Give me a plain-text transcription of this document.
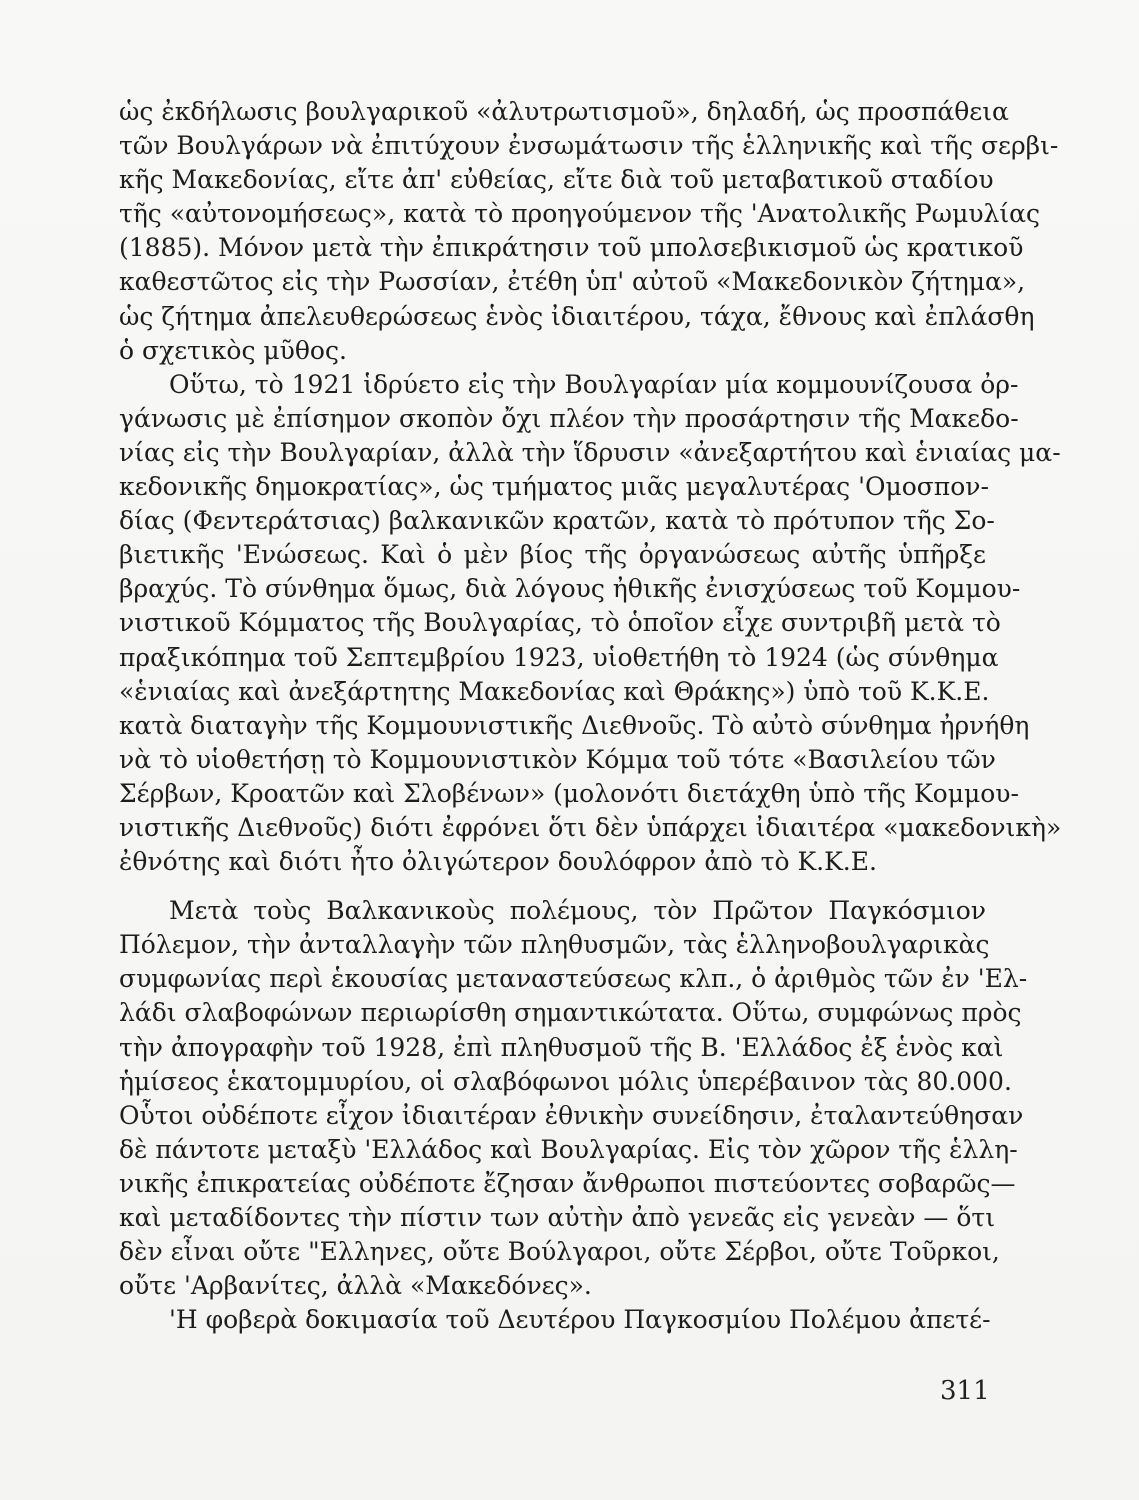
ὡς ἐκδήλωσις βουλγαρικοῦ «ἀλυτρωτισμοῦ», δηλαδή, ὡς προσπάθεια
τῶν Βουλγάρων νὰ ἐπιτύχουν ἐνσωμάτωσιν τῆς ἑλληνικῆς καὶ τῆς σερβι-
κῆς Μακεδονίας, εἴτε ἀπ' εὐθείας, εἴτε διὰ τοῦ μεταβατικοῦ σταδίου
τῆς «αὐτονομήσεως», κατὰ τὸ προηγούμενον τῆς 'Ανατολικῆς Ρωμυλίας
(1885). Μόνον μετὰ τὴν ἐπικράτησιν τοῦ μπολσεβικισμοῦ ὡς κρατικοῦ
καθεστῶτος εἰς τὴν Ρωσσίαν, ἐτέθη ὑπ' αὐτοῦ «Μακεδονικὸν ζήτημα»,
ὡς ζήτημα ἀπελευθερώσεως ἑνὸς ἰδιαιτέρου, τάχα, ἔθνους καὶ ἐπλάσθη
ὁ σχετικὸς μῦθος.
Οὕτω, τὸ 1921 ἱδρύετο εἰς τὴν Βουλγαρίαν μία κομμουνίζουσα ὀρ-
γάνωσις μὲ ἐπίσημον σκοπὸν ὄχι πλέον τὴν προσάρτησιν τῆς Μακεδο-
νίας εἰς τὴν Βουλγαρίαν, ἀλλὰ τὴν ἵδρυσιν «ἀνεξαρτήτου καὶ ἑνιαίας μα-
κεδονικῆς δημοκρατίας», ὡς τμήματος μιᾶς μεγαλυτέρας 'Ομοσπον-
δίας (Φεντεράτσιας) βαλκανικῶν κρατῶν, κατὰ τὸ πρότυπον τῆς Σο-
βιετικῆς 'Ενώσεως. Καὶ ὁ μὲν βίος τῆς ὀργανώσεως αὐτῆς ὑπῆρξε
βραχύς. Τὸ σύνθημα ὅμως, διὰ λόγους ἠθικῆς ἐνισχύσεως τοῦ Κομμου-
νιστικοῦ Κόμματος τῆς Βουλγαρίας, τὸ ὁποῖον εἶχε συντριβῆ μετὰ τὸ
πραξικόπημα τοῦ Σεπτεμβρίου 1923, υἱοθετήθη τὸ 1924 (ὡς σύνθημα
«ἑνιαίας καὶ ἀνεξάρτητης Μακεδονίας καὶ Θράκης») ὑπὸ τοῦ Κ.Κ.Ε.
κατὰ διαταγὴν τῆς Κομμουνιστικῆς Διεθνοῦς. Τὸ αὐτὸ σύνθημα ἠρνήθη
νὰ τὸ υἱοθετήσῃ τὸ Κομμουνιστικὸν Κόμμα τοῦ τότε «Βασιλείου τῶν
Σέρβων, Κροατῶν καὶ Σλοβένων» (μολονότι διετάχθη ὑπὸ τῆς Κομμου-
νιστικῆς Διεθνοῦς) διότι ἐφρόνει ὅτι δὲν ὑπάρχει ἰδιαιτέρα «μακεδονικὴ»
ἐθνότης καὶ διότι ἦτο ὀλιγώτερον δουλόφρον ἀπὸ τὸ Κ.Κ.Ε.
Μετὰ τοὺς Βαλκανικοὺς πολέμους, τὸν Πρῶτον Παγκόσμιον
Πόλεμον, τὴν ἀνταλλαγὴν τῶν πληθυσμῶν, τὰς ἑλληνοβουλγαρικὰς
συμφωνίας περὶ ἑκουσίας μεταναστεύσεως κλπ., ὁ ἀριθμὸς τῶν ἐν 'Ελ-
λάδι σλαβοφώνων περιωρίσθη σημαντικώτατα. Οὕτω, συμφώνως πρὸς
τὴν ἀπογραφὴν τοῦ 1928, ἐπὶ πληθυσμοῦ τῆς Β. 'Ελλάδος ἐξ ἑνὸς καὶ
ἡμίσεος ἑκατομμυρίου, οἱ σλαβόφωνοι μόλις ὑπερέβαινον τὰς 80.000.
Οὗτοι οὐδέποτε εἶχον ἰδιαιτέραν ἐθνικὴν συνείδησιν, ἐταλαντεύθησαν
δὲ πάντοτε μεταξὺ 'Ελλάδος καὶ Βουλγαρίας. Εἰς τὸν χῶρον τῆς ἑλλη-
νικῆς ἐπικρατείας οὐδέποτε ἔζησαν ἄνθρωποι πιστεύοντες σοβαρῶς—
καὶ μεταδίδοντες τὴν πίστιν των αὐτὴν ἀπὸ γενεᾶς εἰς γενεὰν — ὅτι
δὲν εἶναι οὔτε "Ελληνες, οὔτε Βούλγαροι, οὔτε Σέρβοι, οὔτε Τοῦρκοι,
οὔτε 'Αρβανίτες, ἀλλὰ «Μακεδόνες».
'Η φοβερὰ δοκιμασία τοῦ Δευτέρου Παγκοσμίου Πολέμου ἀπετέ-
311
